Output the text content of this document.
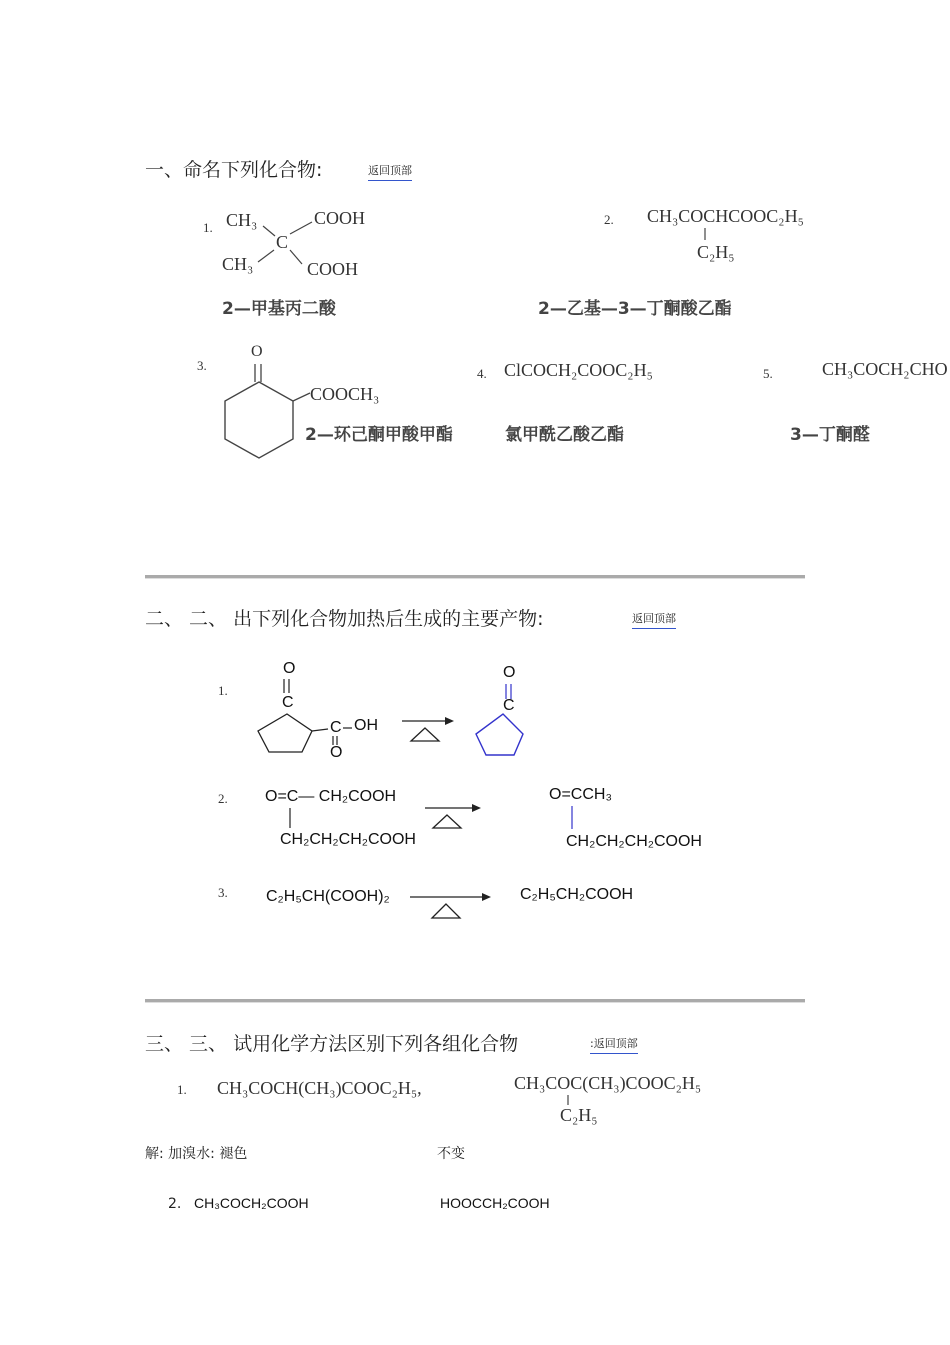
一、命名下列化合物:	返回顶部
1. CH₃
CH₃
C
COOH
COOH
2—甲基丙二酸
2. CH₃COCHCOOC₂H₅
C₂H₅
2—乙基—3—丁酮酸乙酯
3.
O
COOCH₃
2—环己酮甲酸甲酯
4. ClCOCH₂COOC₂H₅
氯甲酰乙酸乙酯
5.	CH₃COCH₂CHO
3—丁酮醛
二、 二、 出下列化合物加热后生成的主要产物:	返回顶部
1.
O
C
C OH
O
O
C
2. O=C— CH₂COOH
CH₂CH₂CH₂COOH
O=CCH₃
CH₂CH₂CH₂COOH
3. C₂H₅CH(COOH)₂	C₂H₅CH₂COOH
三、 三、 试用化学方法区别下列各组化合物	:返回顶部
1. CH₃COCH(CH₃)COOC₂H₅,	CH₃COC(CH₃)COOC₂H₅
C₂H₅
解: 加溴水: 褪色	不变
2. CH₃COCH₂COOH	HOOCCH₂COOH
